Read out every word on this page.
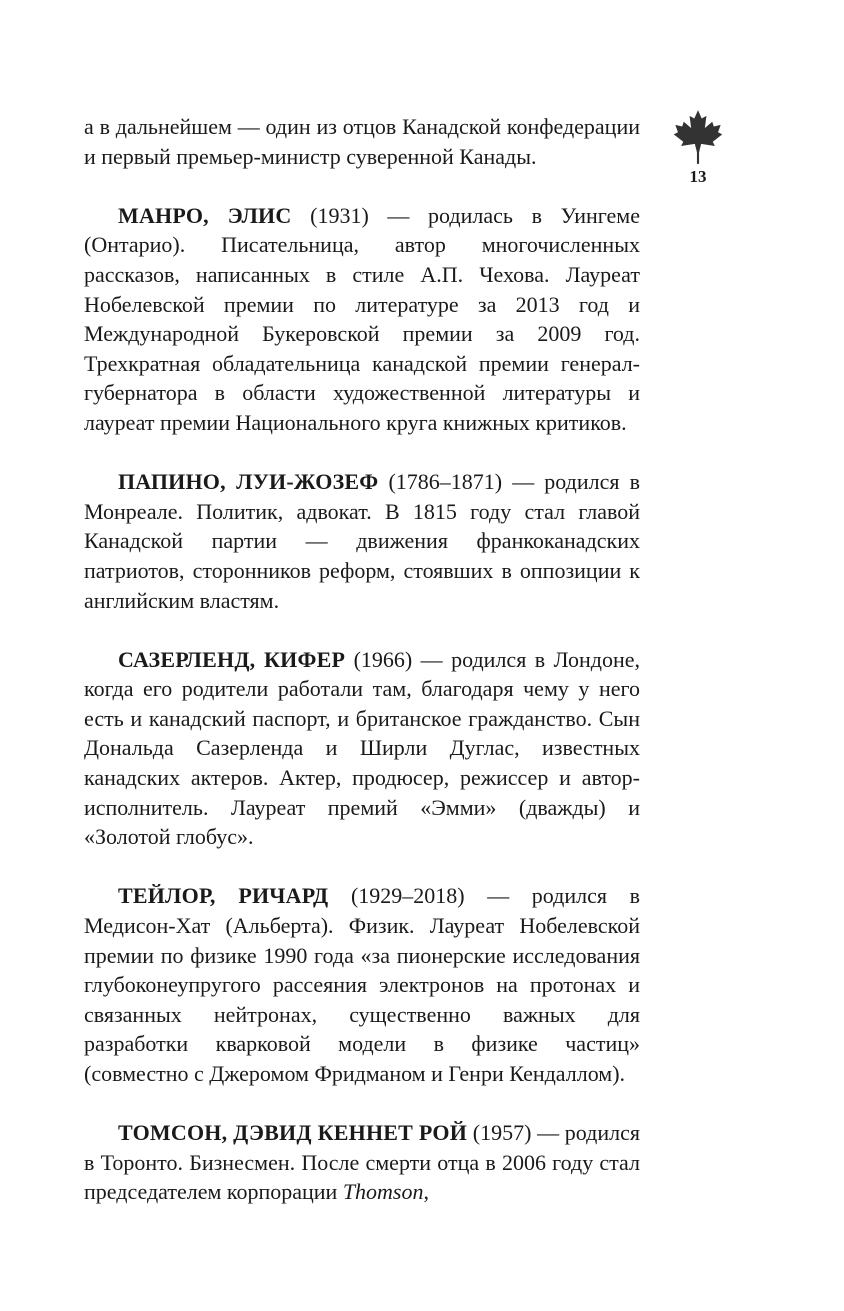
13

а в дальнейшем — один из отцов Канадской конфедерации и первый премьер-министр суверенной Канады.

МАНРО, ЭЛИС (1931) — родилась в Уингеме (Онтарио). Писательница, автор многочисленных рассказов, написанных в стиле А.П. Чехова. Лауреат Нобелевской премии по литературе за 2013 год и Международной Букеровской премии за 2009 год. Трехкратная обладательница канадской премии генерал-губернатора в области художественной литературы и лауреат премии Национального круга книжных критиков.

ПАПИНО, ЛУИ-ЖОЗЕФ (1786–1871) — родился в Монреале. Политик, адвокат. В 1815 году стал главой Канадской партии — движения франкоканадских патриотов, сторонников реформ, стоявших в оппозиции к английским властям.

САЗЕРЛЕНД, КИФЕР (1966) — родился в Лондоне, когда его родители работали там, благодаря чему у него есть и канадский паспорт, и британское гражданство. Сын Дональда Сазерленда и Ширли Дуглас, известных канадских актеров. Актер, продюсер, режиссер и автор-исполнитель. Лауреат премий «Эмми» (дважды) и «Золотой глобус».

ТЕЙЛОР, РИЧАРД (1929–2018) — родился в Медисон-Хат (Альберта). Физик. Лауреат Нобелевской премии по физике 1990 года «за пионерские исследования глубоконеупругого рассеяния электронов на протонах и связанных нейтронах, существенно важных для разработки кварковой модели в физике частиц» (совместно с Джеромом Фридманом и Генри Кендаллом).

ТОМСОН, ДЭВИД КЕННЕТ РОЙ (1957) — родился в Торонто. Бизнесмен. После смерти отца в 2006 году стал председателем корпорации Thomson,
